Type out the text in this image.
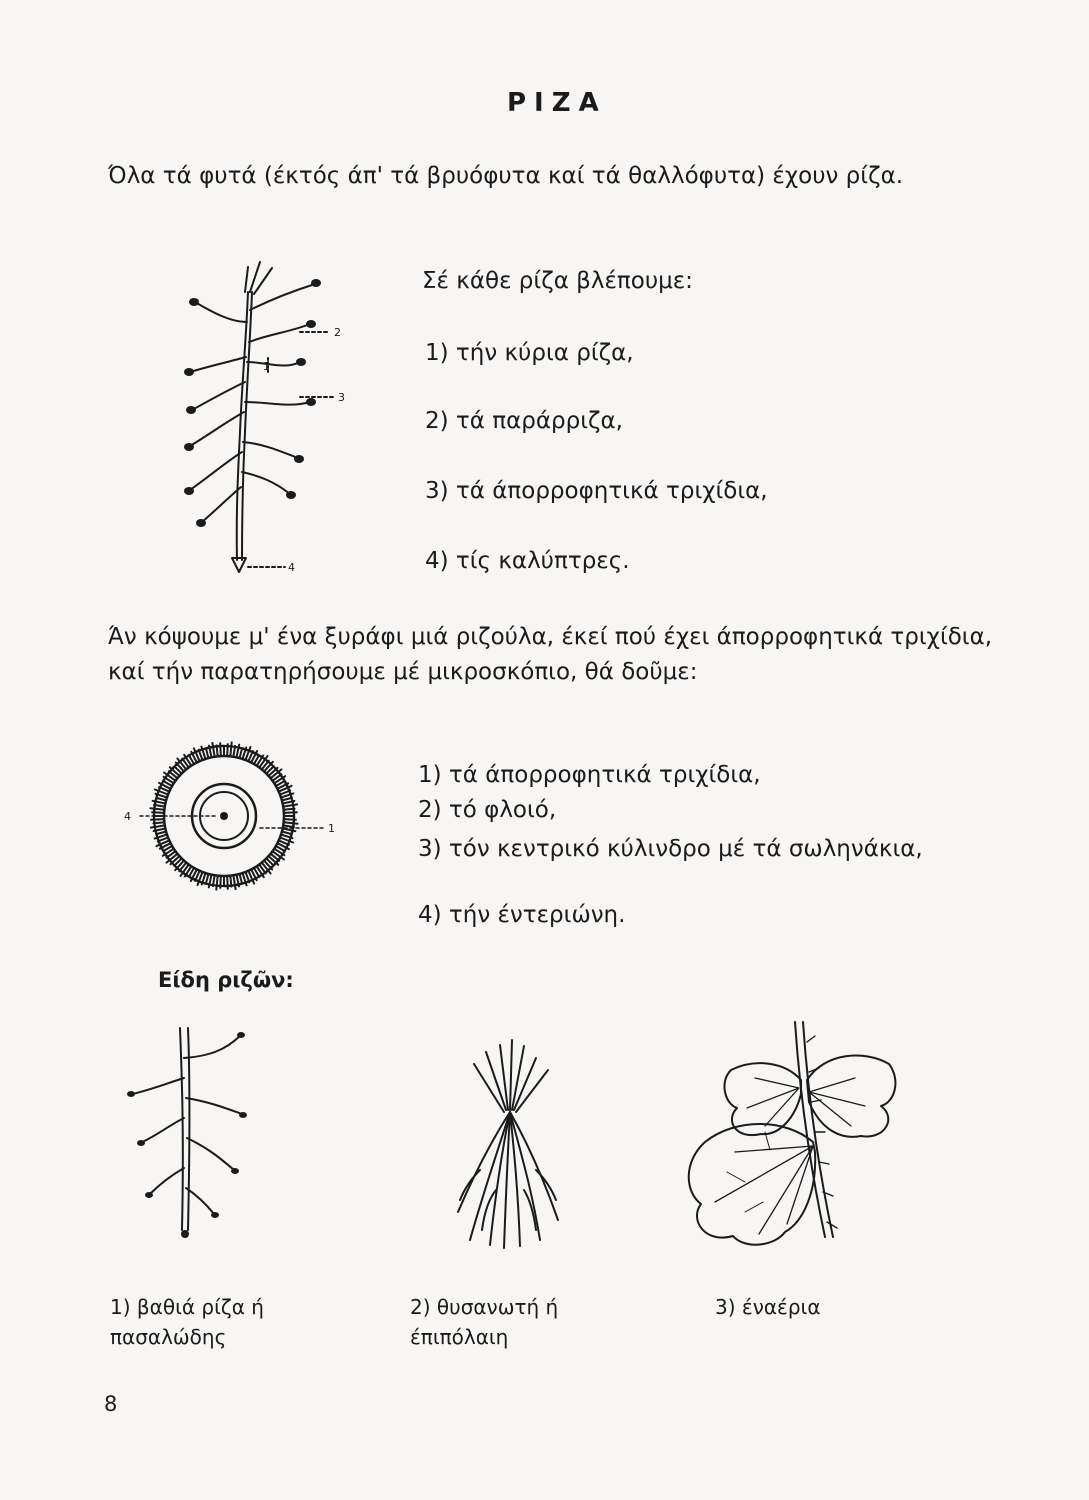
ΡΙΖΑ
Όλα τά φυτά (έκτός άπ' τά βρυόφυτα καί τά θαλλόφυτα) έχουν ρίζα.
2
3
4
1
Σέ κάθε ρίζα βλέπουμε:
1) τήν κύρια ρίζα,
2) τά παράρριζα,
3) τά άπορροφητικά τριχίδια,
4) τίς καλύπτρες.
Άν κόψουμε μ' ένα ξυράφι μιά ριζούλα, έκεί πού έχει άπορροφητικά τριχίδια, καί τήν παρατηρήσουμε μέ μικροσκόπιο, θά δοῦμε:
4
1
1) τά άπορροφητικά τριχίδια,
2) τό φλοιό,
3) τόν κεντρικό κύλινδρο μέ τά σωληνάκια,
4) τήν έντεριώνη.
Είδη ριζῶν:
1) βαθιά ρίζα ή πασαλώδης
2) θυσανωτή ή έπιπόλαιη
3) έναέρια
8
